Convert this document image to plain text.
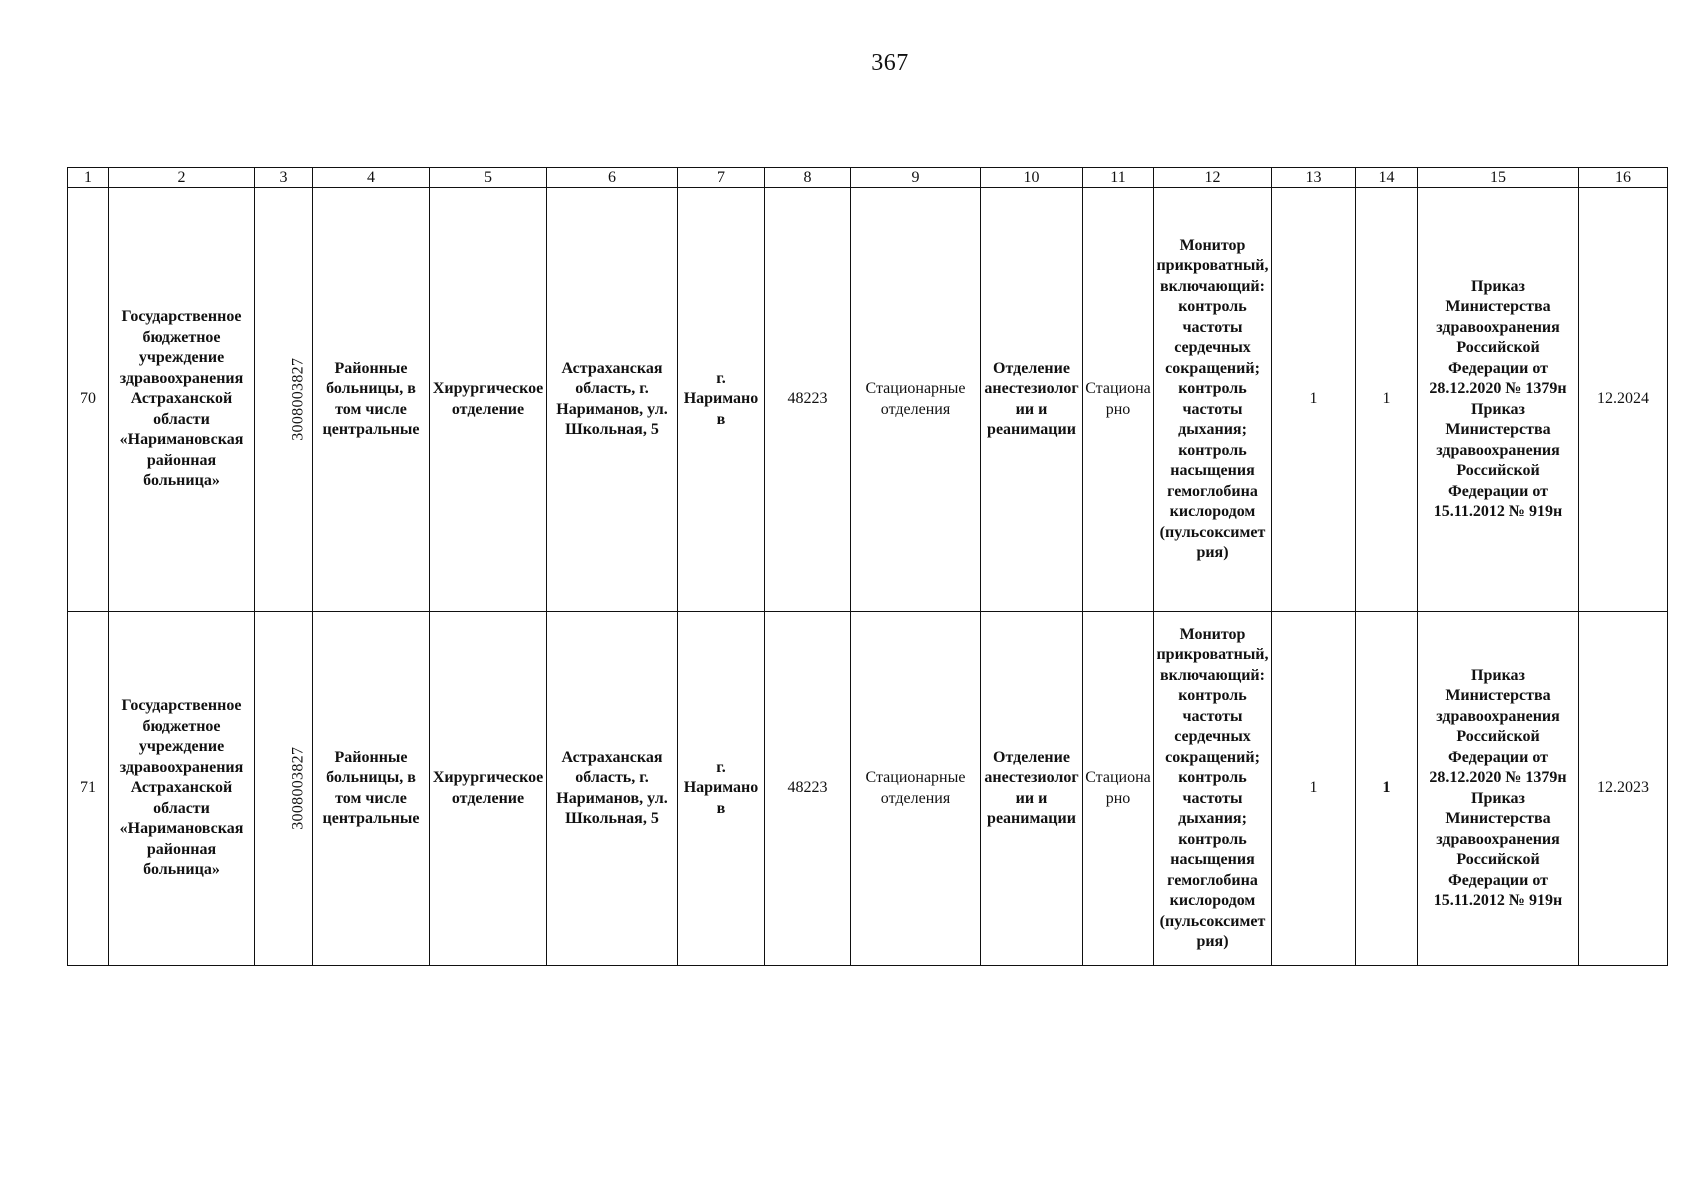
367
1	2	3	4	5	6	7	8	9	10	11	12	13	14	15	16
70	Государственное бюджетное учреждение здравоохранения Астраханской области «Наримановская районная больница»	3008003827	Районные больницы, в том числе центральные	Хирургическое отделение	Астраханская область, г. Нариманов, ул. Школьная, 5	г. Нариманов	48223	Стационарные отделения	Отделение анестезиологии и реанимации	Стационарно	Монитор прикроватный, включающий: контроль частоты сердечных сокращений; контроль частоты дыхания; контроль насыщения гемоглобина кислородом (пульсоксиметрия)	1	1	Приказ Министерства здравоохранения Российской Федерации от 28.12.2020 № 1379н Приказ Министерства здравоохранения Российской Федерации от 15.11.2012 № 919н	12.2024
71	Государственное бюджетное учреждение здравоохранения Астраханской области «Наримановская районная больница»	3008003827	Районные больницы, в том числе центральные	Хирургическое отделение	Астраханская область, г. Нариманов, ул. Школьная, 5	г. Нариманов	48223	Стационарные отделения	Отделение анестезиологии и реанимации	Стационарно	Монитор прикроватный, включающий: контроль частоты сердечных сокращений; контроль частоты дыхания; контроль насыщения гемоглобина кислородом (пульсоксиметрия)	1	1	Приказ Министерства здравоохранения Российской Федерации от 28.12.2020 № 1379н Приказ Министерства здравоохранения Российской Федерации от 15.11.2012 № 919н	12.2023
